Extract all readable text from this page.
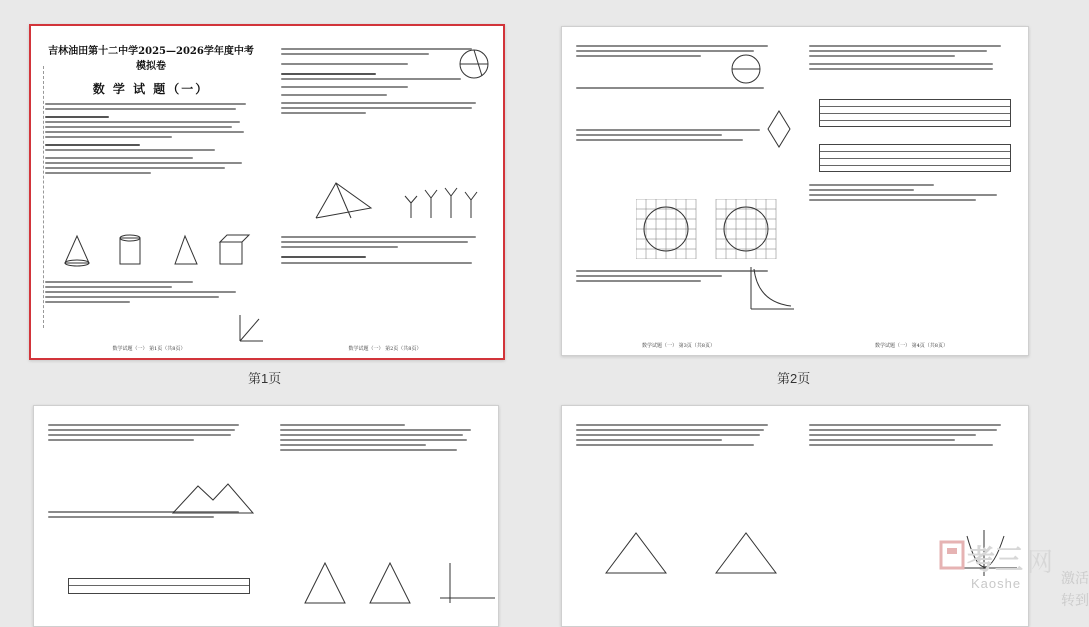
吉林油田第十二中学2025—2026学年度中考模拟卷
数 学 试 题（一）
数学试题（一） 第1页（共8页）	数学试题（一） 第2页（共8页）
第1页
数学试题（一） 第3页（共8页）	数学试题（一） 第4页（共8页）
第2页
考三 网
Kaoshe	激活
转到
